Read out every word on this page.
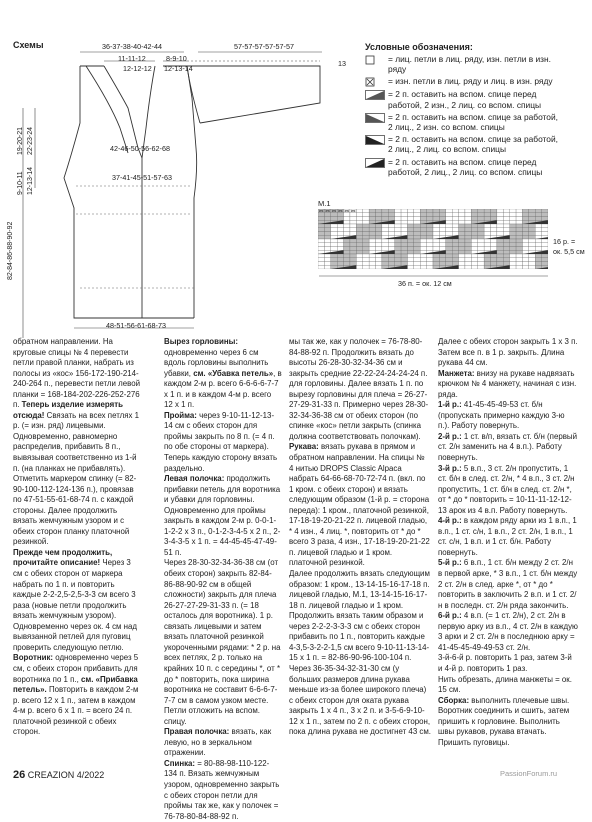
Схемы	36-37-38-40-42-44	57-57-57-57-57-57
11-11-12
12-12-12
8-9-10
12-13-14
13
19-20-21 22-23-24
9-10-11 12-13-14
82-84-86-88-90-92
42-46-50-56-62-68
37-41-45-51-57-63
48-51-56-61-68-73
Условные обозначения:
= лиц. петли в лиц. ряду, изн. петли в изн. ряду
= изн. петли в лиц. ряду и лиц. в изн. ряду
= 2 п. оставить на вспом. спице перед работой, 2 изн., 2 лиц. со вспом. спицы
= 2 п. оставить на вспом. спице за работой, 2 лиц., 2 изн. со вспом. спицы
= 2 п. оставить на вспом. спице за работой, 2 лиц., 2 лиц. со вспом. спицы
= 2 п. оставить на вспом. спице перед работой, 2 лиц., 2 лиц. со вспом. спицы
М.1
16 р. =
ок. 5,5 см
36 п. = ок. 12 см
обратном направлении. На круговые спицы № 4 перевести петли правой планки, набрать из полосы из «кос» 156-172-190-214-240-264 п., перевести петли левой планки = 168-184-202-226-252-276 п. Теперь изделие измерять отсюда! Связать на всех петлях 1 р. (= изн. ряд) лицевыми. Одновременно, равномерно распределив, прибавить 8 п., вывязывая соответственно из 1-й п. (на планках не прибавлять). Отметить маркером спинку (= 82-90-100-112-124-136 п.), провязав по 47-51-55-61-68-74 п. с каждой стороны. Далее продолжить вязать жемчужным узором и с обеих сторон планку платочной резинкой.
Прежде чем продолжить, прочитайте описание! Через 3 см с обеих сторон от маркера набрать по 1 п. и повторить каждые 2-2-2,5-2,5-3-3 см всего 3 раза (новые петли продолжить вязать жемчужным узором). Одновременно через ок. 4 см над вывязанной петлей для пуговиц проверить следующую петлю.
Воротник: одновременно через 5 см, с обеих сторон прибавить для воротника по 1 п., см. «Прибавка петель». Повторить в каждом 2-м р. всего 12 х 1 п., затем в каждом 4-м р. всего 6 х 1 п. = всего 24 п. платочной резинкой с обеих сторон.
Вырез горловины: одновременно через 6 см вдоль горловины выполнить убавки, см. «Убавка петель», в каждом 2-м р. всего 6-6-6-6-7-7 х 1 п. и в каждом 4-м р. всего 12 х 1 п.
Пройма: через 9-10-11-12-13-14 см с обеих сторон для проймы закрыть по 8 п. (= 4 п. по обе стороны от маркера). Теперь каждую сторону вязать раздельно.
Левая полочка: продолжить прибавки петель для воротника и убавки для горловины. Одновременно для проймы закрыть в каждом 2-м р. 0-0-1-1-2-2 х 3 п., 0-1-2-3-4-5 х 2 п., 2-3-4-3-5 х 1 п. = 44-45-45-47-49-51 п.
Через 28-30-32-34-36-38 см (от обеих сторон) закрыть 82-84-86-88-90-92 см в общей сложности) закрыть для плеча 26-27-27-29-31-33 п. (= 18 осталось для воротника). 1 р. связать лицевыми и затем вязать платочной резинкой укороченными рядами: * 2 р. на всех петлях, 2 р. только на крайних 10 п. с середины *, от * до * повторить, пока ширина воротника не составит 6-6-6-7-7-7 см в самом узком месте. Петли отложить на вспом. спицу.
Правая полочка: вязать, как левую, но в зеркальном отражении.
Спинка: = 80-88-98-110-122-134 п. Вязать жемчужным узором, одновременно закрыть с обеих сторон петли для проймы так же, как у полочек = 76-78-80-84-88-92 п.
мы так же, как у полочек = 76-78-80-84-88-92 п. Продолжить вязать до высоты 26-28-30-32-34-36 см и закрыть средние 22-22-24-24-24-24 п. для горловины. Далее вязать 1 п. по вырезу горловины для плеча = 26-27-27-29-31-33 п. Примерно через 28-30-32-34-36-38 см от обеих сторон (по спинке «кос» петли закрыть (спинка должна соответствовать полочкам).
Рукава: вязать рукава в прямом и обратном направлении. На спицы № 4 нитью DROPS Classic Alpaca набрать 64-66-68-70-72-74 п. (вкл. по 1 кром. с обеих сторон) и вязать следующим образом (1-й р. = сторона переда): 1 кром., платочной резинкой, 17-18-19-20-21-22 п. лицевой гладью, * 4 изн., 4 лиц. *, повторить от * до * всего 3 раза, 4 изн., 17-18-19-20-21-22 п. лицевой гладью и 1 кром. платочной резинкой.
Далее продолжить вязать следующим образом: 1 кром., 13-14-15-16-17-18 п. лицевой гладью, М.1, 13-14-15-16-17-18 п. лицевой гладью и 1 кром. Продолжить вязать таким образом и через 2-2-2-3-3-3 см с обеих сторон прибавить по 1 п., повторить каждые 4-3,5-3-2-2-1,5 см всего 9-10-11-13-14-15 х 1 п. = 82-86-90-96-100-104 п.
Через 36-35-34-32-31-30 см (у больших размеров длина рукава меньше из-за более широкого плеча) с обеих сторон для оката рукава закрыть 1 х 4 п., 3 х 2 п. и 3-5-6-9-10-12 х 1 п., затем по 2 п. с обеих сторон, пока длина рукава не достигнет 43 см.
Далее с обеих сторон закрыть 1 х 3 п. Затем все п. в 1 р. закрыть. Длина рукава 44 см.
Манжета: внизу на рукаве надвязать крючком № 4 манжету, начиная с изн. ряда.
1-й р.: 41-45-45-49-53 ст. б/н (пропускать примерно каждую 3-ю п.). Работу повернуть.
2-й р.: 1 ст. в/п, вязать ст. б/н (первый ст. 2/н заменить на 4 в.п.). Работу повернуть.
3-й р.: 5 в.п., 3 ст. 2/н пропустить, 1 ст. б/н в след. ст. 2/н, * 4 в.п., 3 ст. 2/н пропустить, 1 ст. б/н в след. ст. 2/н *, от * до * повторить = 10-11-11-12-12-13 арок из 4 в.п. Работу повернуть.
4-й р.: в каждом ряду арки из 1 в.п., 1 в.п., 1 ст. с/н, 1 в.п., 2 ст. 2/н, 1 в.п., 1 ст. с/н, 1 в.п. и 1 ст. б/н. Работу повернуть.
5-й р.: 6 в.п., 1 ст. б/н между 2 ст. 2/н в первой арке, * 3 в.п., 1 ст. б/н между 2 ст. 2/н в след. арке *, от * до * повторить в заключить 2 в.п. и 1 ст. 2/н в последн. ст. 2/н ряда закончить.
6-й р.: 4 в.п. (= 1 ст. 2/н), 2 ст. 2/н в первую арку из в.п., 4 ст. 2/н в каждую 3 арки и 2 ст. 2/н в последнюю арку = 41-45-45-49-49-53 ст. 2/н.
3-й-6-й р. повторить 1 раз, затем 3-й и 4-й р. повторить 1 раз.
Нить обрезать, длина манжеты = ок. 15 см.
Сборка: выполнить плечевые швы. Воротник соединить и сшить, затем пришить к горловине. Выполнить швы рукавов, рукава втачать. Пришить пуговицы.
26 CREAZION 4/2022	PassionForum.ru
